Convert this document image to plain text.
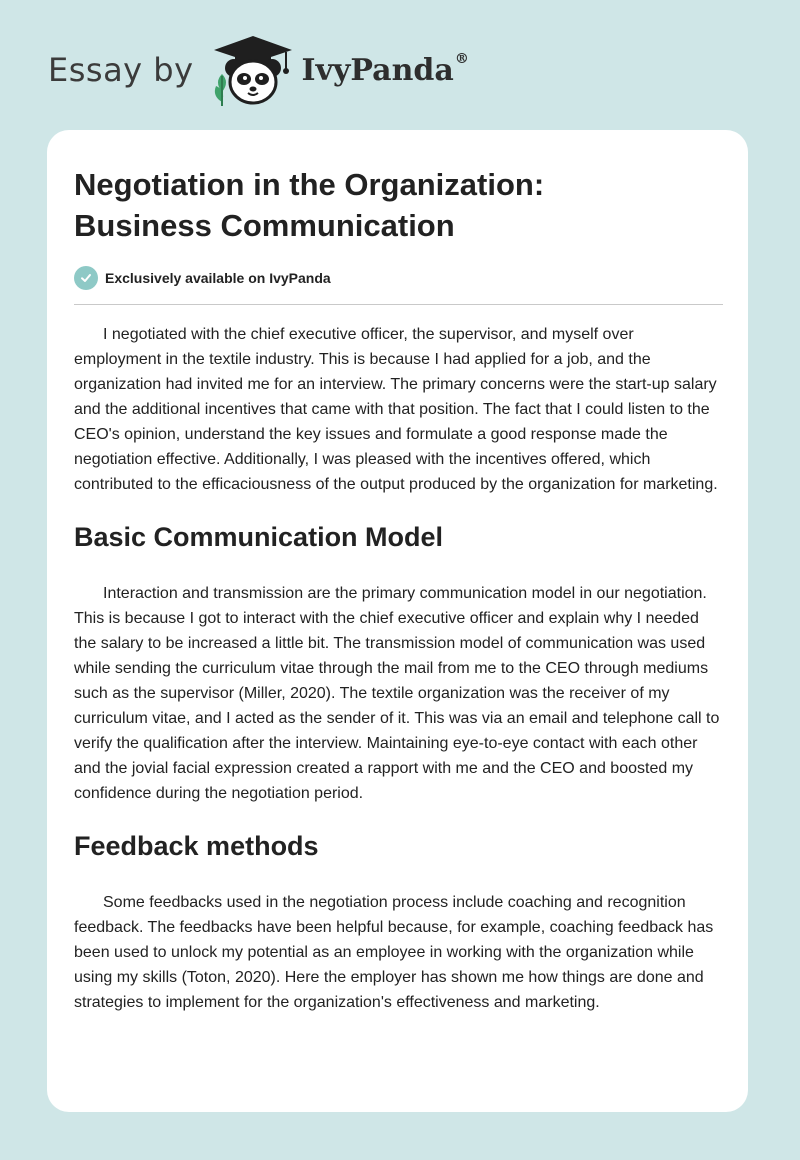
Essay by	IvyPanda®
Negotiation in the Organization:
Business Communication
Exclusively available on IvyPanda

I negotiated with the chief executive officer, the supervisor, and myself over employment in the textile industry. This is because I had applied for a job, and the organization had invited me for an interview. The primary concerns were the start-up salary and the additional incentives that came with that position. The fact that I could listen to the CEO's opinion, understand the key issues and formulate a good response made the negotiation effective. Additionally, I was pleased with the incentives offered, which contributed to the efficaciousness of the output produced by the organization for marketing.

Basic Communication Model

Interaction and transmission are the primary communication model in our negotiation. This is because I got to interact with the chief executive officer and explain why I needed the salary to be increased a little bit. The transmission model of communication was used while sending the curriculum vitae through the mail from me to the CEO through mediums such as the supervisor (Miller, 2020). The textile organization was the receiver of my curriculum vitae, and I acted as the sender of it. This was via an email and telephone call to verify the qualification after the interview. Maintaining eye-to-eye contact with each other and the jovial facial expression created a rapport with me and the CEO and boosted my confidence during the negotiation period.

Feedback methods

Some feedbacks used in the negotiation process include coaching and recognition feedback. The feedbacks have been helpful because, for example, coaching feedback has been used to unlock my potential as an employee in working with the organization while using my skills (Toton, 2020). Here the employer has shown me how things are done and strategies to implement for the organization's effectiveness and marketing.
